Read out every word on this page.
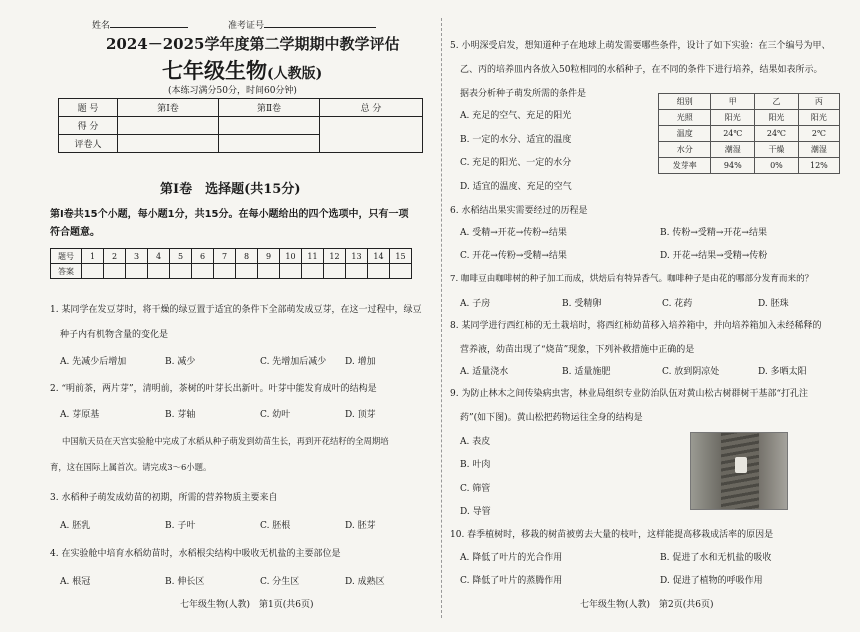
姓名	准考证号
2024－2025学年度第二学期期中教学评估
七年级生物(人教版)
(本练习满分50分，时间60分钟)
题 号	第Ⅰ卷	第Ⅱ卷	总 分
得 分			
评卷人			
第Ⅰ卷　选择题(共15分)
第Ⅰ卷共15个小题，每小题1分，共15分。在每小题给出的四个选项中，只有一项
符合题意。
题号	1	2	3	4	5	6	7	8	9	10	11	12	13	14	15
答案															
1. 某同学在发豆芽时，将干燥的绿豆置于适宜的条件下全部萌发成豆芽，在这一过程中，绿豆
种子内有机物含量的变化是
A. 先减少后增加	B. 减少	C. 先增加后减少 D. 增加
2. “明前茶，两片芽”，清明前，茶树的叶芽长出新叶。叶芽中能发育成叶的结构是
A. 芽原基	B. 芽轴	C. 幼叶	D. 顶芽
中国航天员在天宫实验舱中完成了水稻从种子萌发到幼苗生长，再到开花结籽的全周期培
育，这在国际上属首次。请完成3～6小题。
3. 水稻种子萌发成幼苗的初期，所需的营养物质主要来自
A. 胚乳	B. 子叶	C. 胚根	D. 胚芽
4. 在实验舱中培育水稻幼苗时，水稻根尖结构中吸收无机盐的主要部位是
A. 根冠	B. 伸长区	C. 分生区	D. 成熟区
七年级生物(人教)　第1页(共6页)
5. 小明深受启发，想知道种子在地球上萌发需要哪些条件，设计了如下实验：在三个编号为甲、
乙、丙的培养皿内各放入50粒相同的水稻种子，在不同的条件下进行培养，结果如表所示。
据表分析种子萌发所需的条件是
A. 充足的空气、充足的阳光
B. 一定的水分、适宜的温度
C. 充足的阳光、一定的水分
D. 适宜的温度、充足的空气
组别	甲	乙	丙
光照	阳光	阳光	阳光
温度	24℃	24℃	2℃
水分	潮湿	干燥	潮湿
发芽率	94%	0%	12%
6. 水稻结出果实需要经过的历程是
A. 受精→开花→传粉→结果	B. 传粉→受精→开花→结果
C. 开花→传粉→受精→结果	D. 开花→结果→受精→传粉
7. 咖啡豆由咖啡树的种子加工而成，烘焙后有特异香气。咖啡种子是由花的哪部分发育而来的？
A. 子房	B. 受精卵	C. 花药	D. 胚珠
8. 某同学进行西红柿的无土栽培时，将西红柿幼苗移入培养箱中，并向培养箱加入未经稀释的
营养液，幼苗出现了“烧苗”现象，下列补救措施中正确的是
A. 适量浇水	B. 适量施肥	C. 放到阴凉处	D. 多晒太阳
9. 为防止林木之间传染病虫害，林业局组织专业防治队伍对黄山松古树群树干基部“打孔注
药”(如下图)。黄山松把药物运往全身的结构是
A. 表皮
B. 叶肉
C. 筛管
D. 导管
10. 春季植树时，移栽的树苗被剪去大量的枝叶，这样能提高移栽成活率的原因是
A. 降低了叶片的光合作用	B. 促进了水和无机盐的吸收
C. 降低了叶片的蒸腾作用	D. 促进了植物的呼吸作用
七年级生物(人教)　第2页(共6页)
